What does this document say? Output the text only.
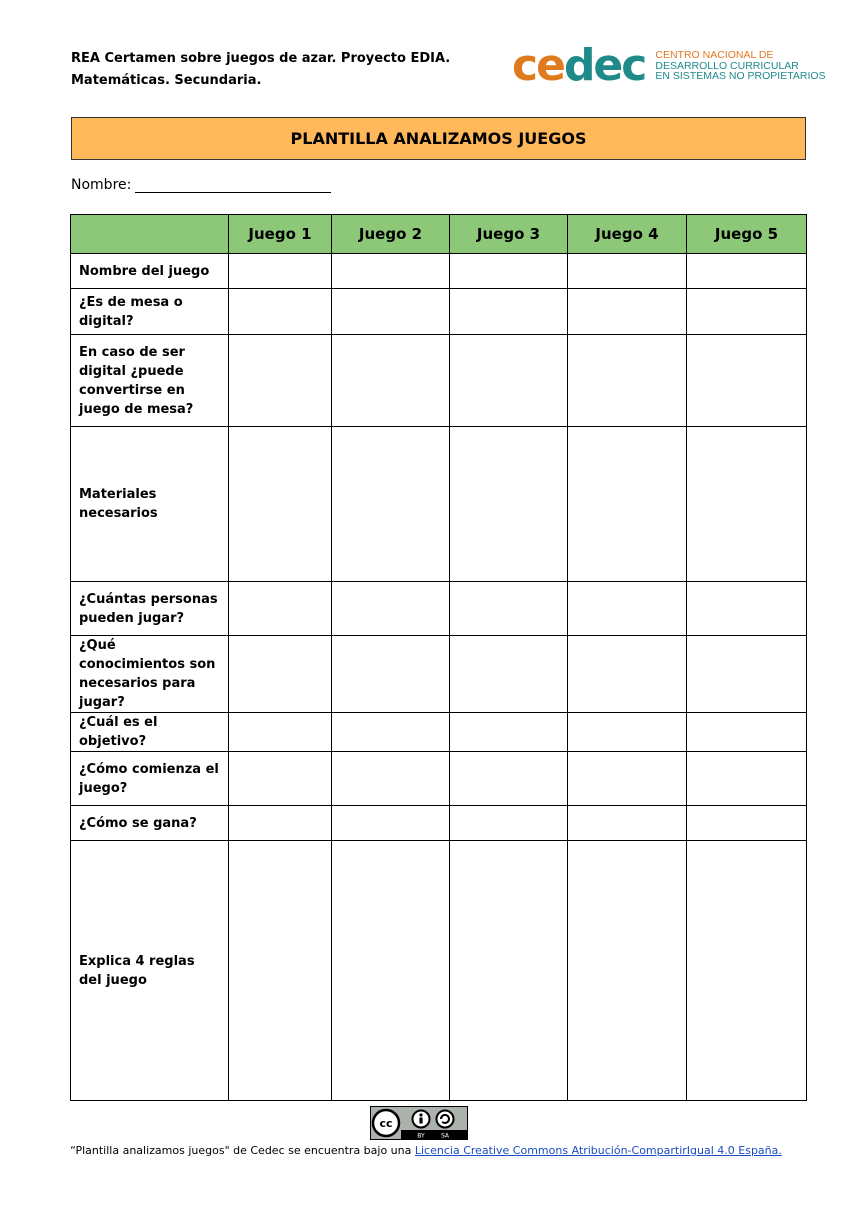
REA Certamen sobre juegos de azar. Proyecto EDIA.
Matemáticas. Secundaria.	cedec CENTRO NACIONAL DE
DESARROLLO CURRICULAR
EN SISTEMAS NO PROPIETARIOS
PLANTILLA ANALIZAMOS JUEGOS
Nombre:
	Juego 1	Juego 2	Juego 3	Juego 4	Juego 5
Nombre del juego					
¿Es de mesa o digital?					
En caso de ser digital ¿puede convertirse en juego de mesa?					
Materiales necesarios					
¿Cuántas personas pueden jugar?					
¿Qué conocimientos son necesarios para jugar?					
¿Cuál es el objetivo?					
¿Cómo comienza el juego?					
¿Cómo se gana?					
Explica 4 reglas del juego					
cc
BY	SA
“Plantilla analizamos juegos" de Cedec se encuentra bajo una Licencia Creative Commons Atribución-CompartirIgual 4.0 España.
